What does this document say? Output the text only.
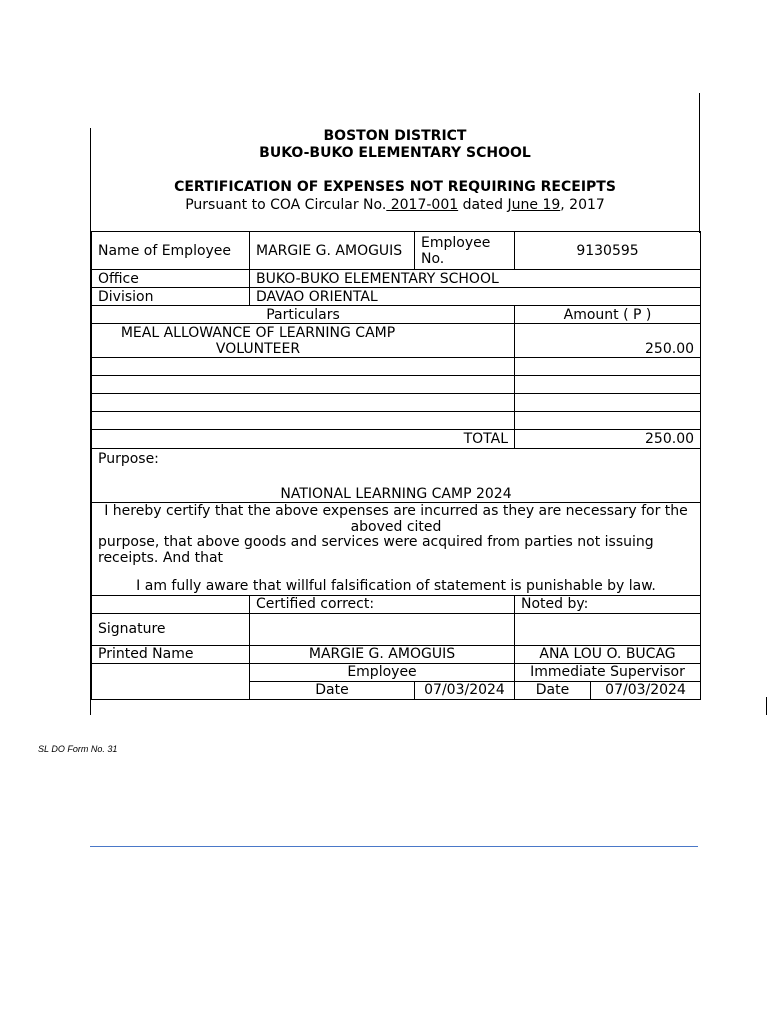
BOSTON DISTRICT
BUKO-BUKO ELEMENTARY SCHOOL
CERTIFICATION OF EXPENSES NOT REQUIRING RECEIPTS
Pursuant to COA Circular No. 2017-001 dated June 19, 2017
Name of Employee	MARGIE G. AMOGUIS	Employee No.	9130595	
Office	BUKO-BUKO ELEMENTARY SCHOOL			
Division	DAVAO ORIENTAL			
Particulars			Amount ( P )	
MEAL ALLOWANCE OF LEARNING CAMP VOLUNTEER			250.00	

TOTAL			250.00	

Purpose:
NATIONAL LEARNING CAMP 2024				

I hereby certify that the above expenses are incurred as they are necessary for the aboved cited
purpose, that above goods and services were acquired from parties not issuing receipts. And that
I am fully aware that willful falsification of statement is punishable by law.				

	Certified correct:		Noted by:	
Signature				
Printed Name	MARGIE G. AMOGUIS		ANA LOU O. BUCAG	
	Employee		Immediate Supervisor	
	Date	07/03/2024	Date	07/03/2024
SL DO Form No. 31
